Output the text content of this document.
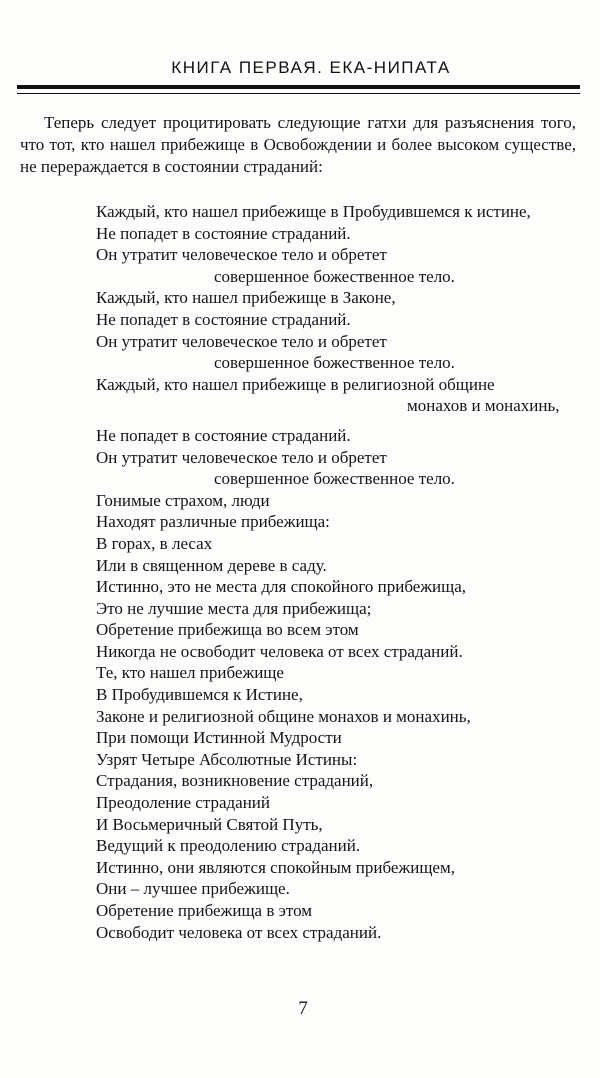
КНИГА ПЕРВАЯ. ЕКА-НИПАТА

Теперь следует процитировать следующие гатхи для разъяснения того, что тот, кто нашел прибежище в Освобождении и более высоком существе, не перераждается в состоянии страданий:

Каждый, кто нашел прибежище в Пробудившемся к истине,
Не попадет в состояние страданий.
Он утратит человеческое тело и обретет
совершенное божественное тело.
Каждый, кто нашел прибежище в Законе,
Не попадет в состояние страданий.
Он утратит человеческое тело и обретет
совершенное божественное тело.
Каждый, кто нашел прибежище в религиозной общине
монахов и монахинь,
Не попадет в состояние страданий.
Он утратит человеческое тело и обретет
совершенное божественное тело.
Гонимые страхом, люди
Находят различные прибежища:
В горах, в лесах
Или в священном дереве в саду.
Истинно, это не места для спокойного прибежища,
Это не лучшие места для прибежища;
Обретение прибежища во всем этом
Никогда не освободит человека от всех страданий.
Те, кто нашел прибежище
В Пробудившемся к Истине,
Законе и религиозной общине монахов и монахинь,
При помощи Истинной Мудрости
Узрят Четыре Абсолютные Истины:
Страдания, возникновение страданий,
Преодоление страданий
И Восьмеричный Святой Путь,
Ведущий к преодолению страданий.
Истинно, они являются спокойным прибежищем,
Они – лучшее прибежище.
Обретение прибежища в этом
Освободит человека от всех страданий.
7
